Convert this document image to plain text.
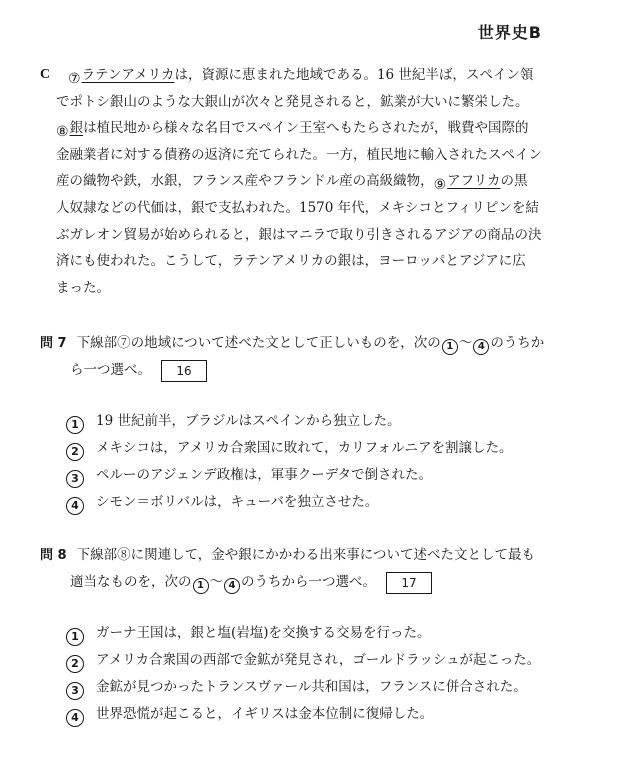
世界史B
C ⑦ラテンアメリカは，資源に恵まれた地域である。16 世紀半ば，スペイン領
でポトシ銀山のような大銀山が次々と発見されると，鉱業が大いに繁栄した。
⑧銀は植民地から様々な名目でスペイン王室へもたらされたが，戦費や国際的
金融業者に対する債務の返済に充てられた。一方，植民地に輸入されたスペイン
産の織物や鉄，水銀，フランス産やフランドル産の高級織物，⑨アフリカの黒
人奴隷などの代価は，銀で支払われた。1570 年代，メキシコとフィリピンを結
ぶガレオン貿易が始められると，銀はマニラで取り引きされるアジアの商品の決
済にも使われた。こうして，ラテンアメリカの銀は，ヨーロッパとアジアに広
まった。
問 7 下線部⑦の地域について述べた文として正しいものを，次の 1 ～ 4 のうちか
ら一つ選べ。 16
1 19 世紀前半，ブラジルはスペインから独立した。
2 メキシコは，アメリカ合衆国に敗れて，カリフォルニアを割譲した。
3 ペルーのアジェンデ政権は，軍事クーデタで倒された。
4 シモン＝ボリバルは，キューバを独立させた。
問 8 下線部⑧に関連して，金や銀にかかわる出来事について述べた文として最も
適当なものを，次の 1 ～ 4 のうちから一つ選べ。 17
1 ガーナ王国は，銀と塩(岩塩)を交換する交易を行った。
2 アメリカ合衆国の西部で金鉱が発見され，ゴールドラッシュが起こった。
3 金鉱が見つかったトランスヴァール共和国は，フランスに併合された。
4 世界恐慌が起こると，イギリスは金本位制に復帰した。
